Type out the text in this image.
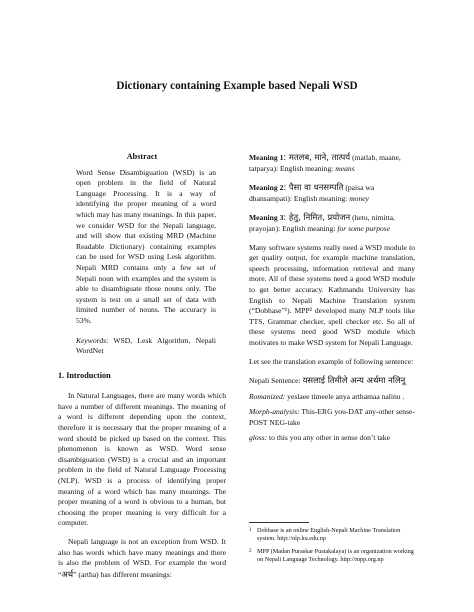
Dictionary containing Example based Nepali WSD
Abstract

Word Sense Disambiguation (WSD) is an open problem in the field of Natural Language Processing. It is a way of identifying the proper meaning of a word which may has many meanings. In this paper, we consider WSD for the Nepali language, and will show that existing MRD (Machine Readable Dictionary) containing examples can be used for WSD using Lesk algorithm. Nepali MRD contains only a few set of Nepali noun with examples and the system is able to disambiguate those nouns only. The system is test on a small set of data with limited number of nouns. The accuracy is 53%.

Keywords: WSD, Lesk Algorithm, Nepali WordNet

1. Introduction

In Natural Languages, there are many words which have a number of different meanings. The meaning of a word is different depending upon the context, therefore it is necessary that the proper meaning of a word should be picked up based on the context. This phenomenon is known as WSD. Word sense disambiguation (WSD) is a crucial and an important problem in the field of Natural Language Processing (NLP). WSD is a process of identifying proper meaning of a word which has many meanings. The proper meaning of a word is obvious to a human, but choosing the proper meaning is very difficult for a computer.

Nepali language is not an exception from WSD. It also has words which have many meanings and there is also the problem of WSD. For example the word “अर्थ” (artha) has different meanings:

Meaning 1: मतलब, माने, तात्पर्य (matlab, maane, tatparya): English meaning: means
Meaning 2: पैसा वा धनसम्पति (paisa wa dhansampati): English meaning: money
Meaning 3: हेतु, निमित, प्रयोजन (hetu, nimitta, prayojan): English meaning: for some purpose

Many software systems really need a WSD module to get quality output, for example machine translation, speech processing, information retrieval and many more. All of these systems need a good WSD module to get better accuracy. Kathmandu University has English to Nepali Machine Translation system (“Dobhase”¹). MPP² developed many NLP tools like TTS, Grammar checker, spell checker etc. So all of these systems need good WSD module which motivates to make WSD system for Nepali Language.

Let see the translation example of following sentence:

Nepali Sentence: यसलाई तिमीले अन्य अर्थमा नलिनू

Romanized: yeslaee timeele anya arthamaa nalinu .

Morph-analysis: This-ERG you-DAT any-other sense-POST NEG-take

gloss: to this you any other in sense don’t take

1 Dobhase is an online English-Nepali Machine Translation system. http://nlp.ku.edu.np
2 MPP (Madan Puraskar Pustakalaya) is an organization working on Nepali Language Technology. http://mpp.org.np
